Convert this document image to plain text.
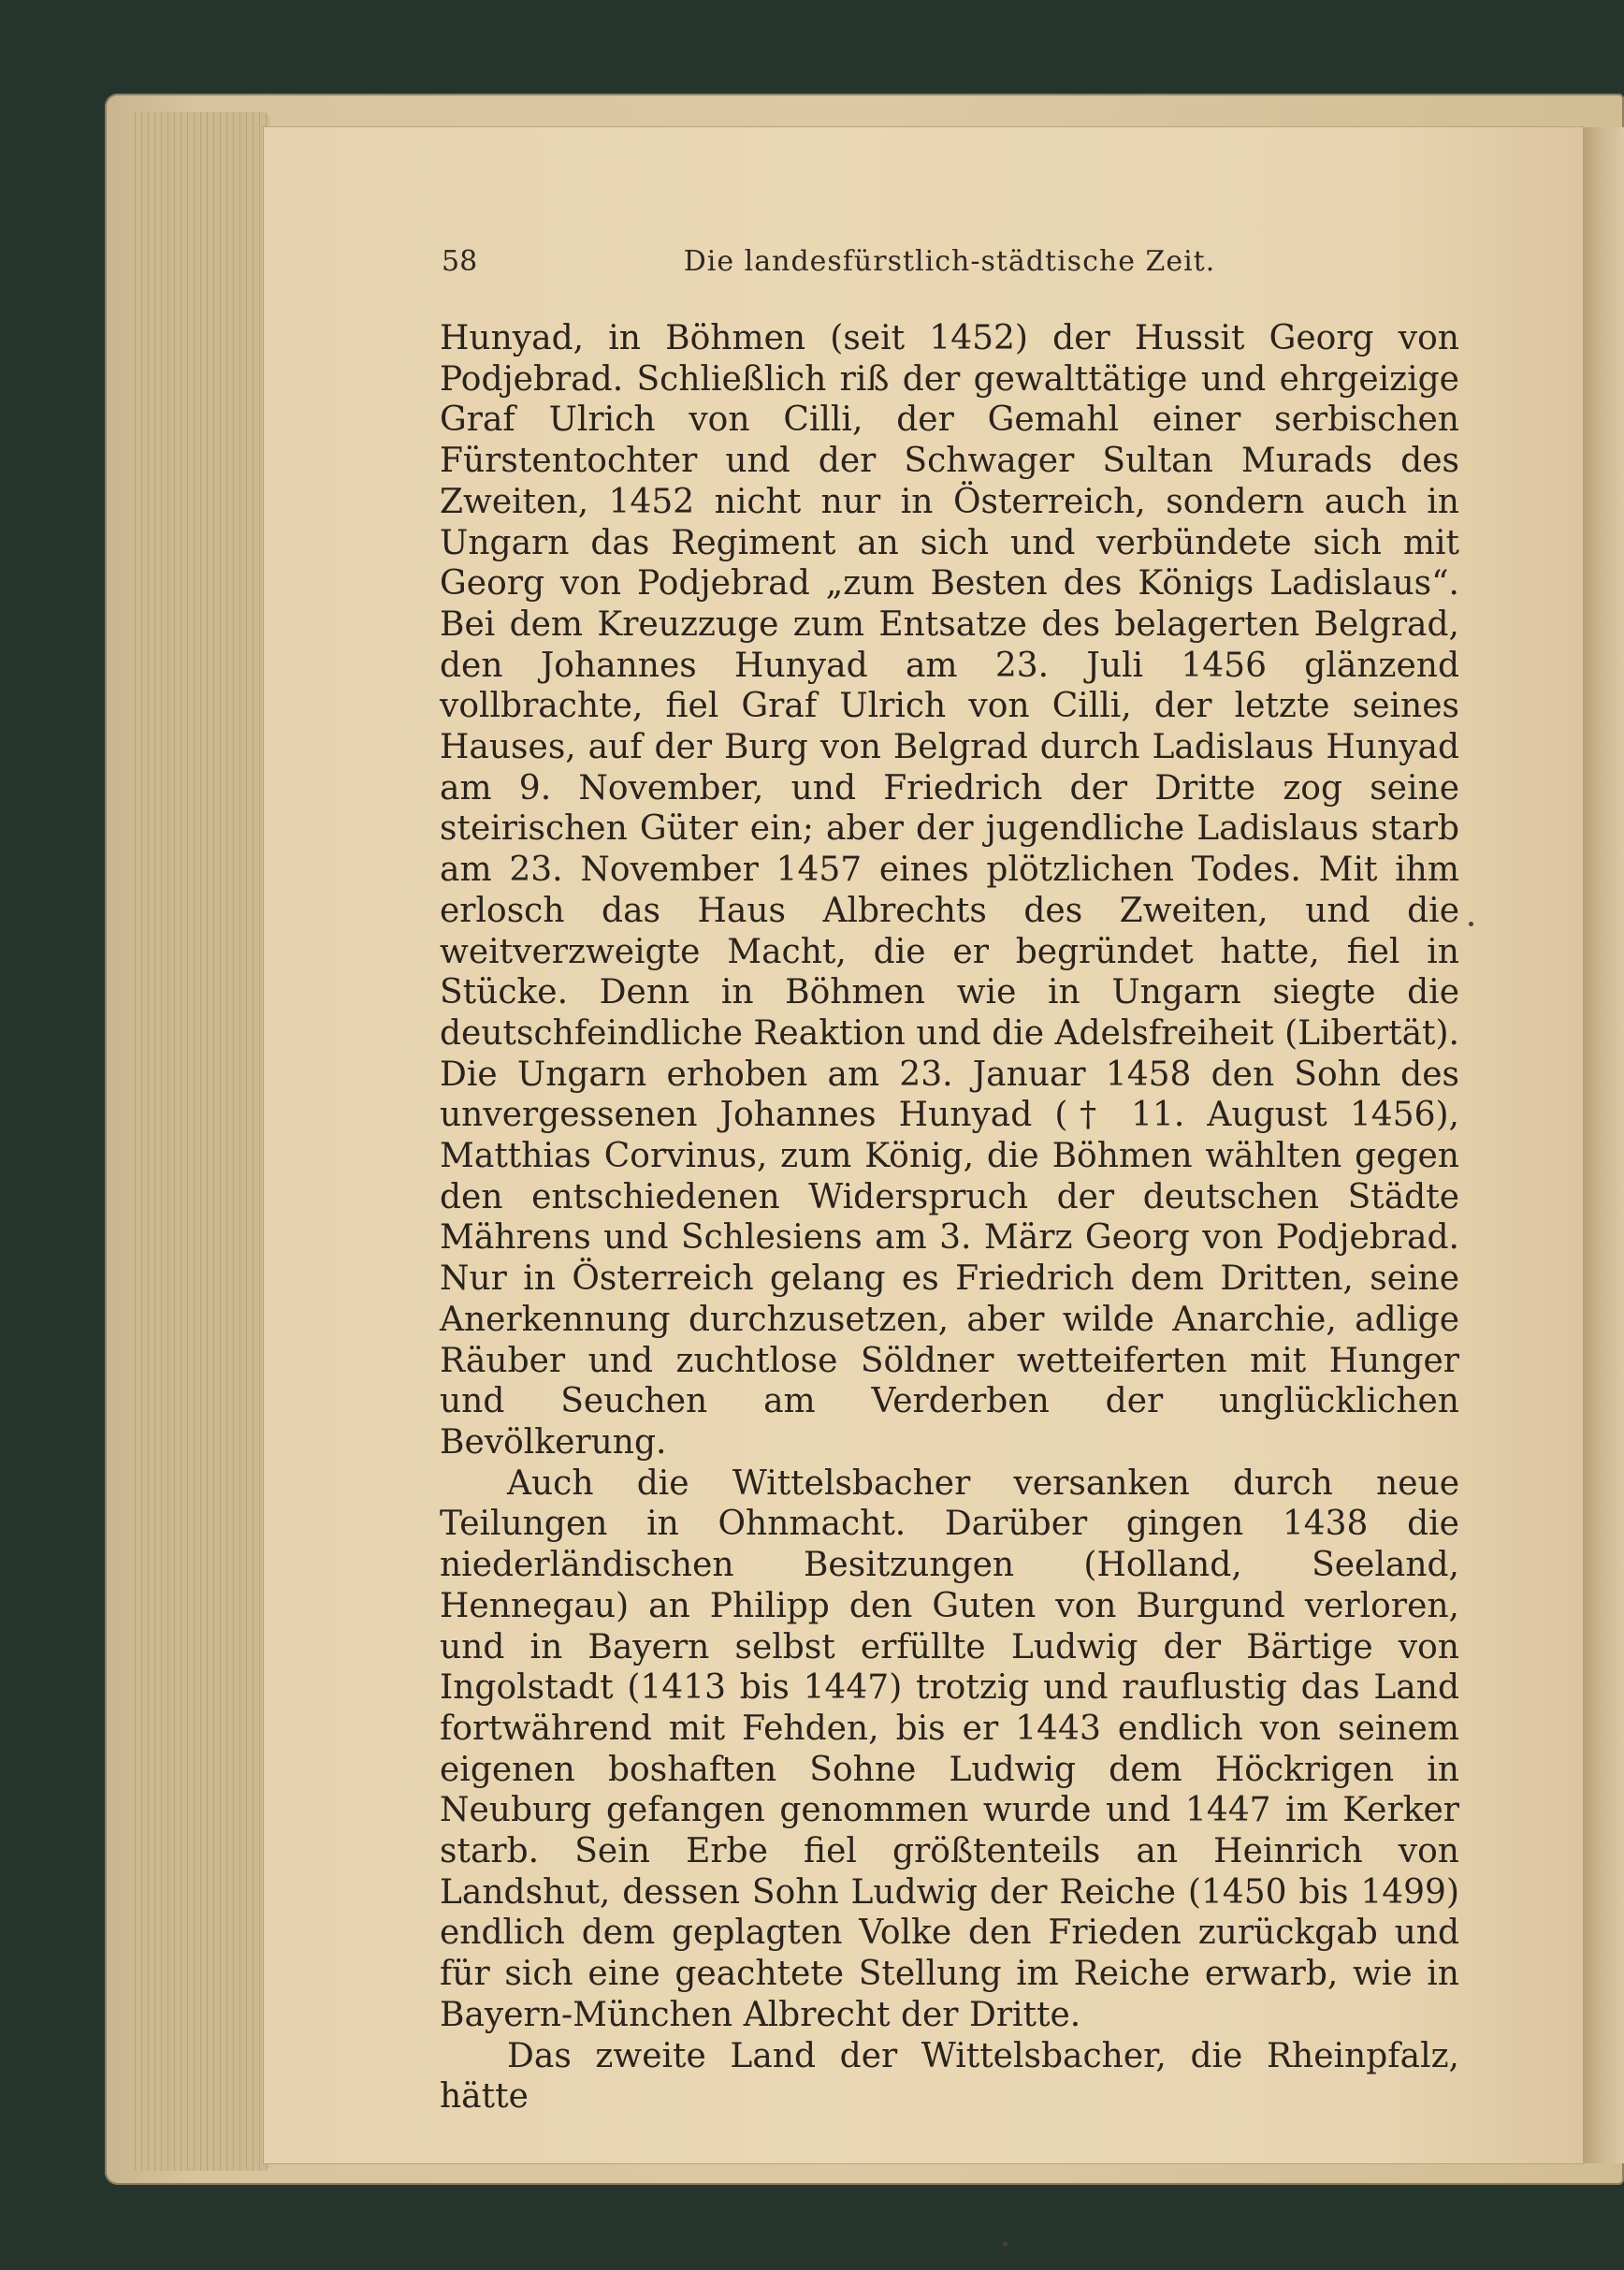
58	Die landesfürstlich-städtische Zeit.

Hunyad, in Böhmen (seit 1452) der Hussit Georg von Podjebrad. Schließlich riß der gewalttätige und ehrgeizige Graf Ulrich von Cilli, der Gemahl einer serbischen Fürstentochter und der Schwager Sultan Murads des Zweiten, 1452 nicht nur in Österreich, sondern auch in Ungarn das Regiment an sich und verbündete sich mit Georg von Podjebrad „zum Besten des Königs Ladislaus“. Bei dem Kreuzzuge zum Entsatze des belagerten Belgrad, den Johannes Hunyad am 23. Juli 1456 glänzend vollbrachte, fiel Graf Ulrich von Cilli, der letzte seines Hauses, auf der Burg von Belgrad durch Ladislaus Hunyad am 9. November, und Friedrich der Dritte zog seine steirischen Güter ein; aber der jugendliche Ladislaus starb am 23. November 1457 eines plötzlichen Todes. Mit ihm erlosch das Haus Albrechts des Zweiten, und die weitverzweigte Macht, die er begründet hatte, fiel in Stücke. Denn in Böhmen wie in Ungarn siegte die deutschfeindliche Reaktion und die Adelsfreiheit (Libertät). Die Ungarn erhoben am 23. Januar 1458 den Sohn des unvergessenen Johannes Hunyad († 11. August 1456), Matthias Corvinus, zum König, die Böhmen wählten gegen den entschiedenen Widerspruch der deutschen Städte Mährens und Schlesiens am 3. März Georg von Podjebrad. Nur in Österreich gelang es Friedrich dem Dritten, seine Anerkennung durchzusetzen, aber wilde Anarchie, adlige Räuber und zuchtlose Söldner wetteiferten mit Hunger und Seuchen am Verderben der unglücklichen Bevölkerung.

Auch die Wittelsbacher versanken durch neue Teilungen in Ohnmacht. Darüber gingen 1438 die niederländischen Besitzungen (Holland, Seeland, Hennegau) an Philipp den Guten von Burgund verloren, und in Bayern selbst erfüllte Ludwig der Bärtige von Ingolstadt (1413 bis 1447) trotzig und rauflustig das Land fortwährend mit Fehden, bis er 1443 endlich von seinem eigenen boshaften Sohne Ludwig dem Höckrigen in Neuburg gefangen genommen wurde und 1447 im Kerker starb. Sein Erbe fiel größtenteils an Heinrich von Landshut, dessen Sohn Ludwig der Reiche (1450 bis 1499) endlich dem geplagten Volke den Frieden zurückgab und für sich eine geachtete Stellung im Reiche erwarb, wie in Bayern-München Albrecht der Dritte.

Das zweite Land der Wittelsbacher, die Rheinpfalz, hätte
